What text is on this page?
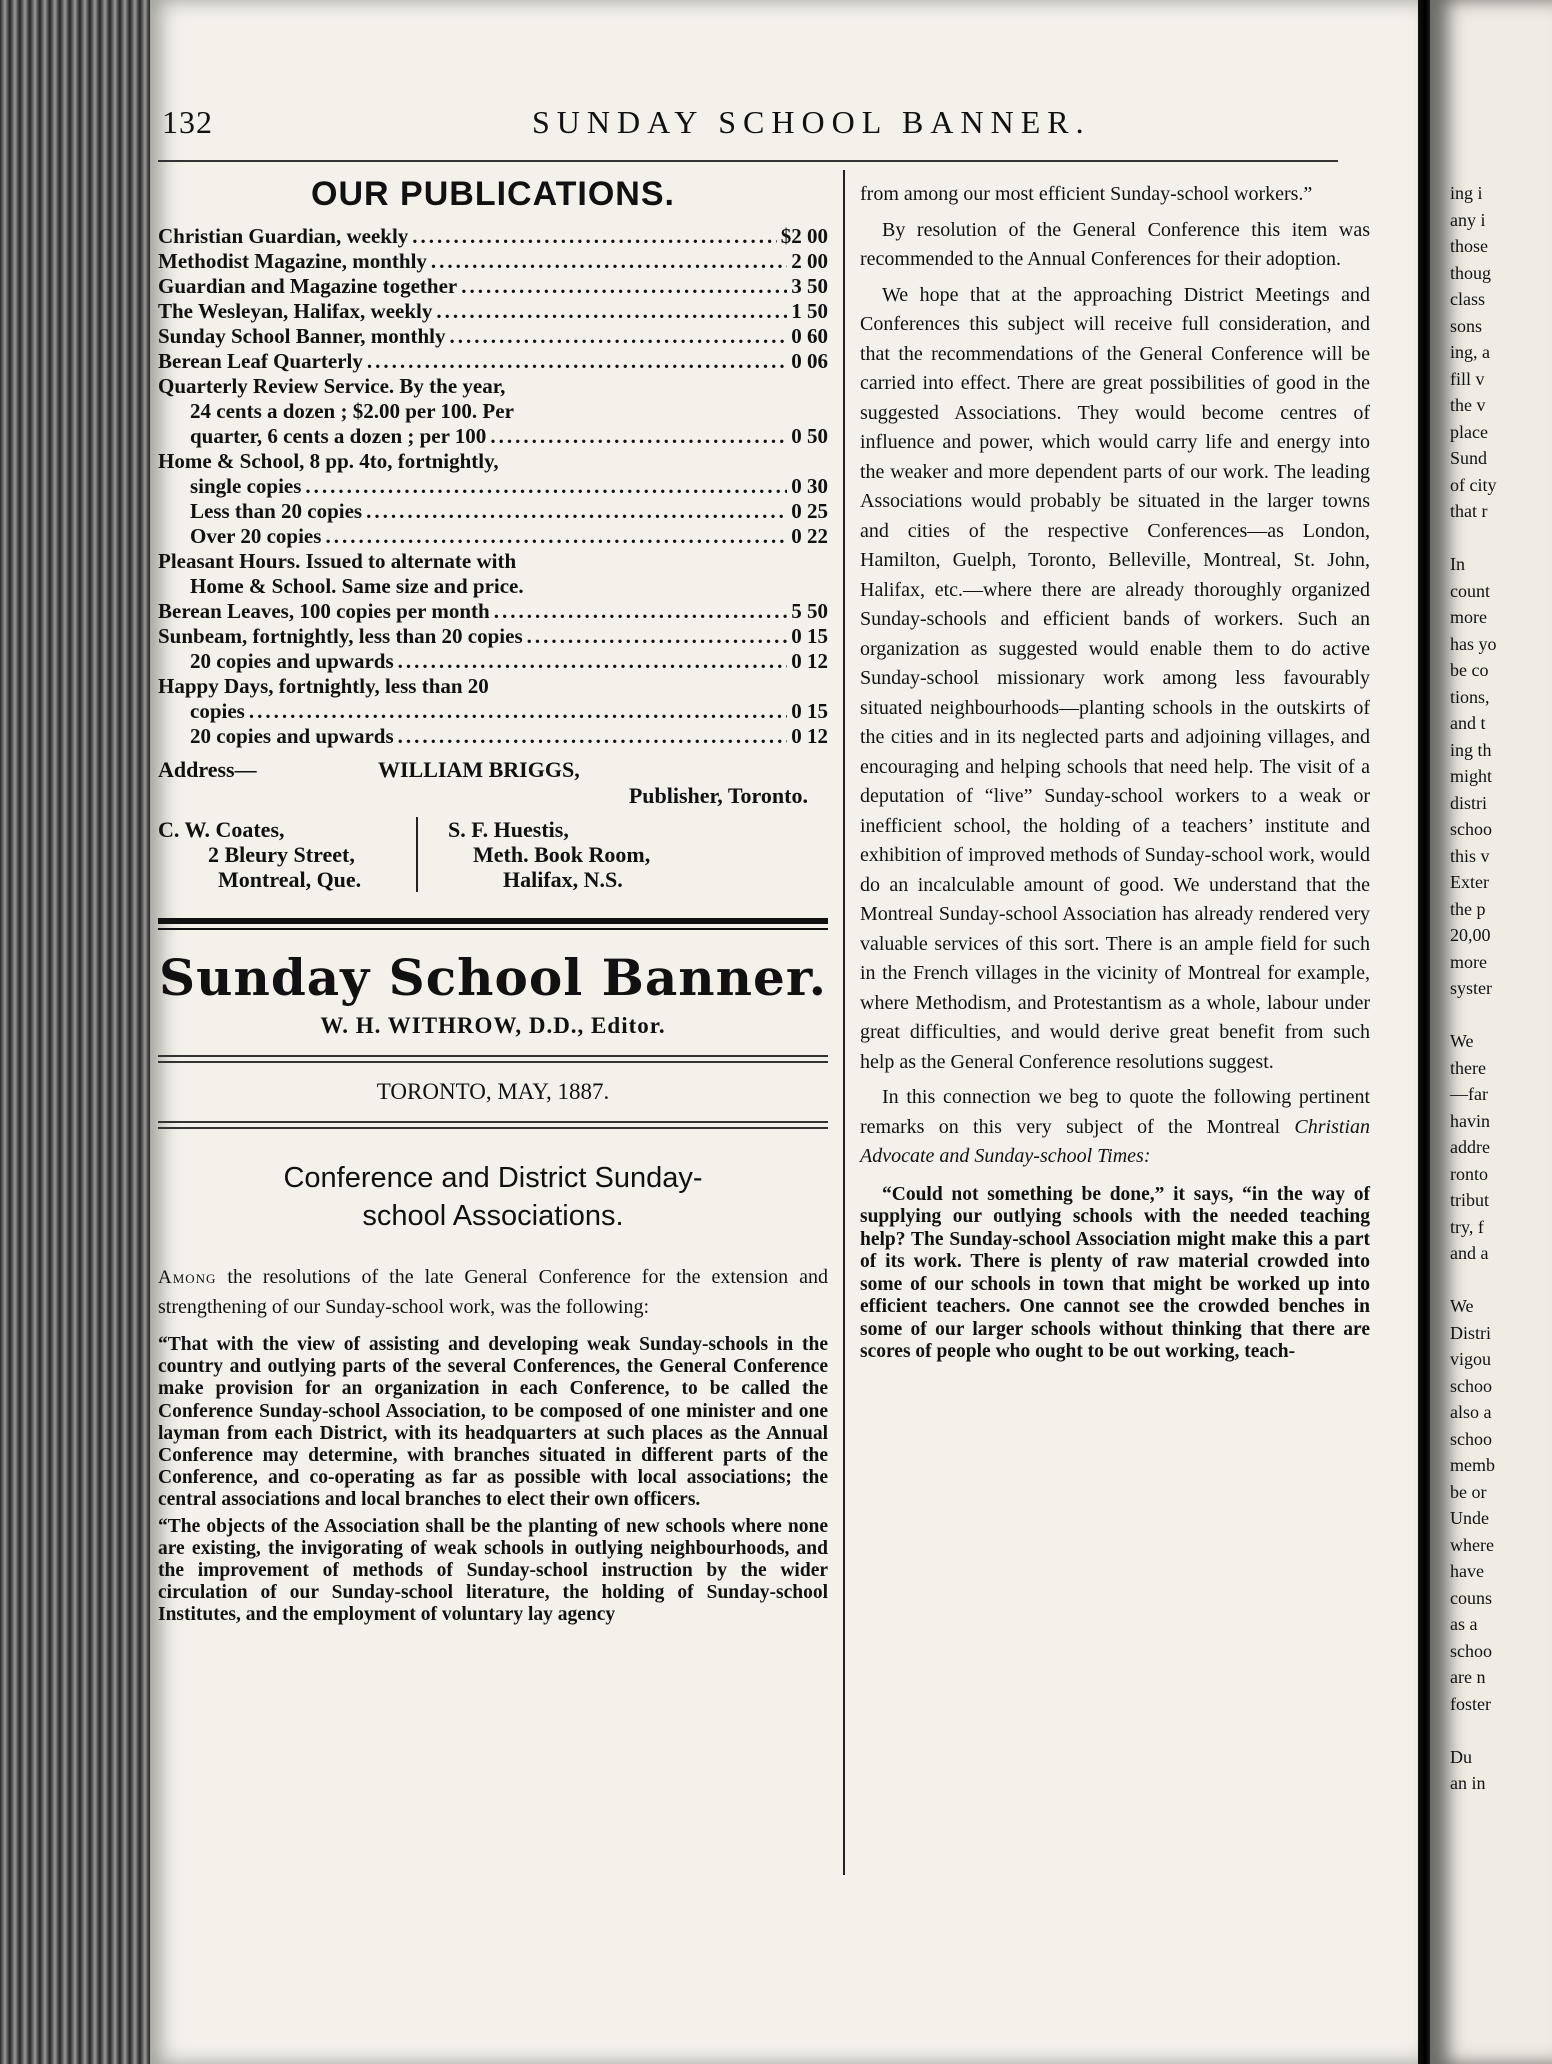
ing i
any i
those
thoug
class
sons
ing, a
fill v
the v
place
Sund
of city
that r
In
count
more
has yo
be co
tions,
and t
ing th
might
distri
schoo
this v
Exter
the p
20,00
more
syster
We
there
—far
havin
addre
ronto
tribut
try, f
and a
We
Distri
vigou
schoo
also a
schoo
memb
be or
Unde
where
have
couns
as a
schoo
are n
foster
Du
an in
132	SUNDAY SCHOOL BANNER.
OUR PUBLICATIONS.
Christian Guardian, weekly .....	$2 00
Methodist Magazine, monthly .....	2 00
Guardian and Magazine together .....	3 50
The Wesleyan, Halifax, weekly .....	1 50
Sunday School Banner, monthly .....	0 60
Berean Leaf Quarterly .....	0 06
Quarterly Review Service. By the year,
24 cents a dozen ; $2.00 per 100. Per
quarter, 6 cents a dozen ; per 100 .....	0 50
Home & School, 8 pp. 4to, fortnightly,
single copies .....	0 30
Less than 20 copies .....	0 25
Over 20 copies .....	0 22
Pleasant Hours. Issued to alternate with
Home & School. Same size and price.
Berean Leaves, 100 copies per month .....	5 50
Sunbeam, fortnightly, less than 20 copies .....	0 15
20 copies and upwards .....	0 12
Happy Days, fortnightly, less than 20
copies .....	0 15
20 copies and upwards .....	0 12
Address—	WILLIAM BRIGGS,
Publisher, Toronto.
C. W. Coates,
2 Bleury Street,
Montreal, Que.
S. F. Huestis,
Meth. Book Room,
Halifax, N.S.
Sunday School Banner.
W. H. WITHROW, D.D., Editor.
TORONTO, MAY, 1887.
Conference and District Sunday-
school Associations.

Among the resolutions of the late General Conference for the extension and strengthening of our Sunday-school work, was the following:

“That with the view of assisting and developing weak Sunday-schools in the country and outlying parts of the several Conferences, the General Conference make provision for an organization in each Conference, to be called the Conference Sunday-school Association, to be composed of one minister and one layman from each District, with its headquarters at such places as the Annual Conference may determine, with branches situated in different parts of the Conference, and co-operating as far as possible with local associations; the central associations and local branches to elect their own officers.

“The objects of the Association shall be the planting of new schools where none are existing, the invigorating of weak schools in outlying neighbourhoods, and the improvement of methods of Sunday-school instruction by the wider circulation of our Sunday-school literature, the holding of Sunday-school Institutes, and the employment of voluntary lay agency

from among our most efficient Sunday-school workers.”

By resolution of the General Conference this item was recommended to the Annual Conferences for their adoption.

We hope that at the approaching District Meetings and Conferences this subject will receive full consideration, and that the recommendations of the General Conference will be carried into effect. There are great possibilities of good in the suggested Associations. They would become centres of influence and power, which would carry life and energy into the weaker and more dependent parts of our work. The leading Associations would probably be situated in the larger towns and cities of the respective Conferences—as London, Hamilton, Guelph, Toronto, Belleville, Montreal, St. John, Halifax, etc.—where there are already thoroughly organized Sunday-schools and efficient bands of workers. Such an organization as suggested would enable them to do active Sunday-school missionary work among less favourably situated neighbourhoods—planting schools in the outskirts of the cities and in its neglected parts and adjoining villages, and encouraging and helping schools that need help. The visit of a deputation of “live” Sunday-school workers to a weak or inefficient school, the holding of a teachers’ institute and exhibition of improved methods of Sunday-school work, would do an incalculable amount of good. We understand that the Montreal Sunday-school Association has already rendered very valuable services of this sort. There is an ample field for such in the French villages in the vicinity of Montreal for example, where Methodism, and Protestantism as a whole, labour under great difficulties, and would derive great benefit from such help as the General Conference resolutions suggest.

In this connection we beg to quote the following pertinent remarks on this very subject of the Montreal Christian Advocate and Sunday-school Times:

“Could not something be done,” it says, “in the way of supplying our outlying schools with the needed teaching help? The Sunday-school Association might make this a part of its work. There is plenty of raw material crowded into some of our schools in town that might be worked up into efficient teachers. One cannot see the crowded benches in some of our larger schools without thinking that there are scores of people who ought to be out working, teach-
